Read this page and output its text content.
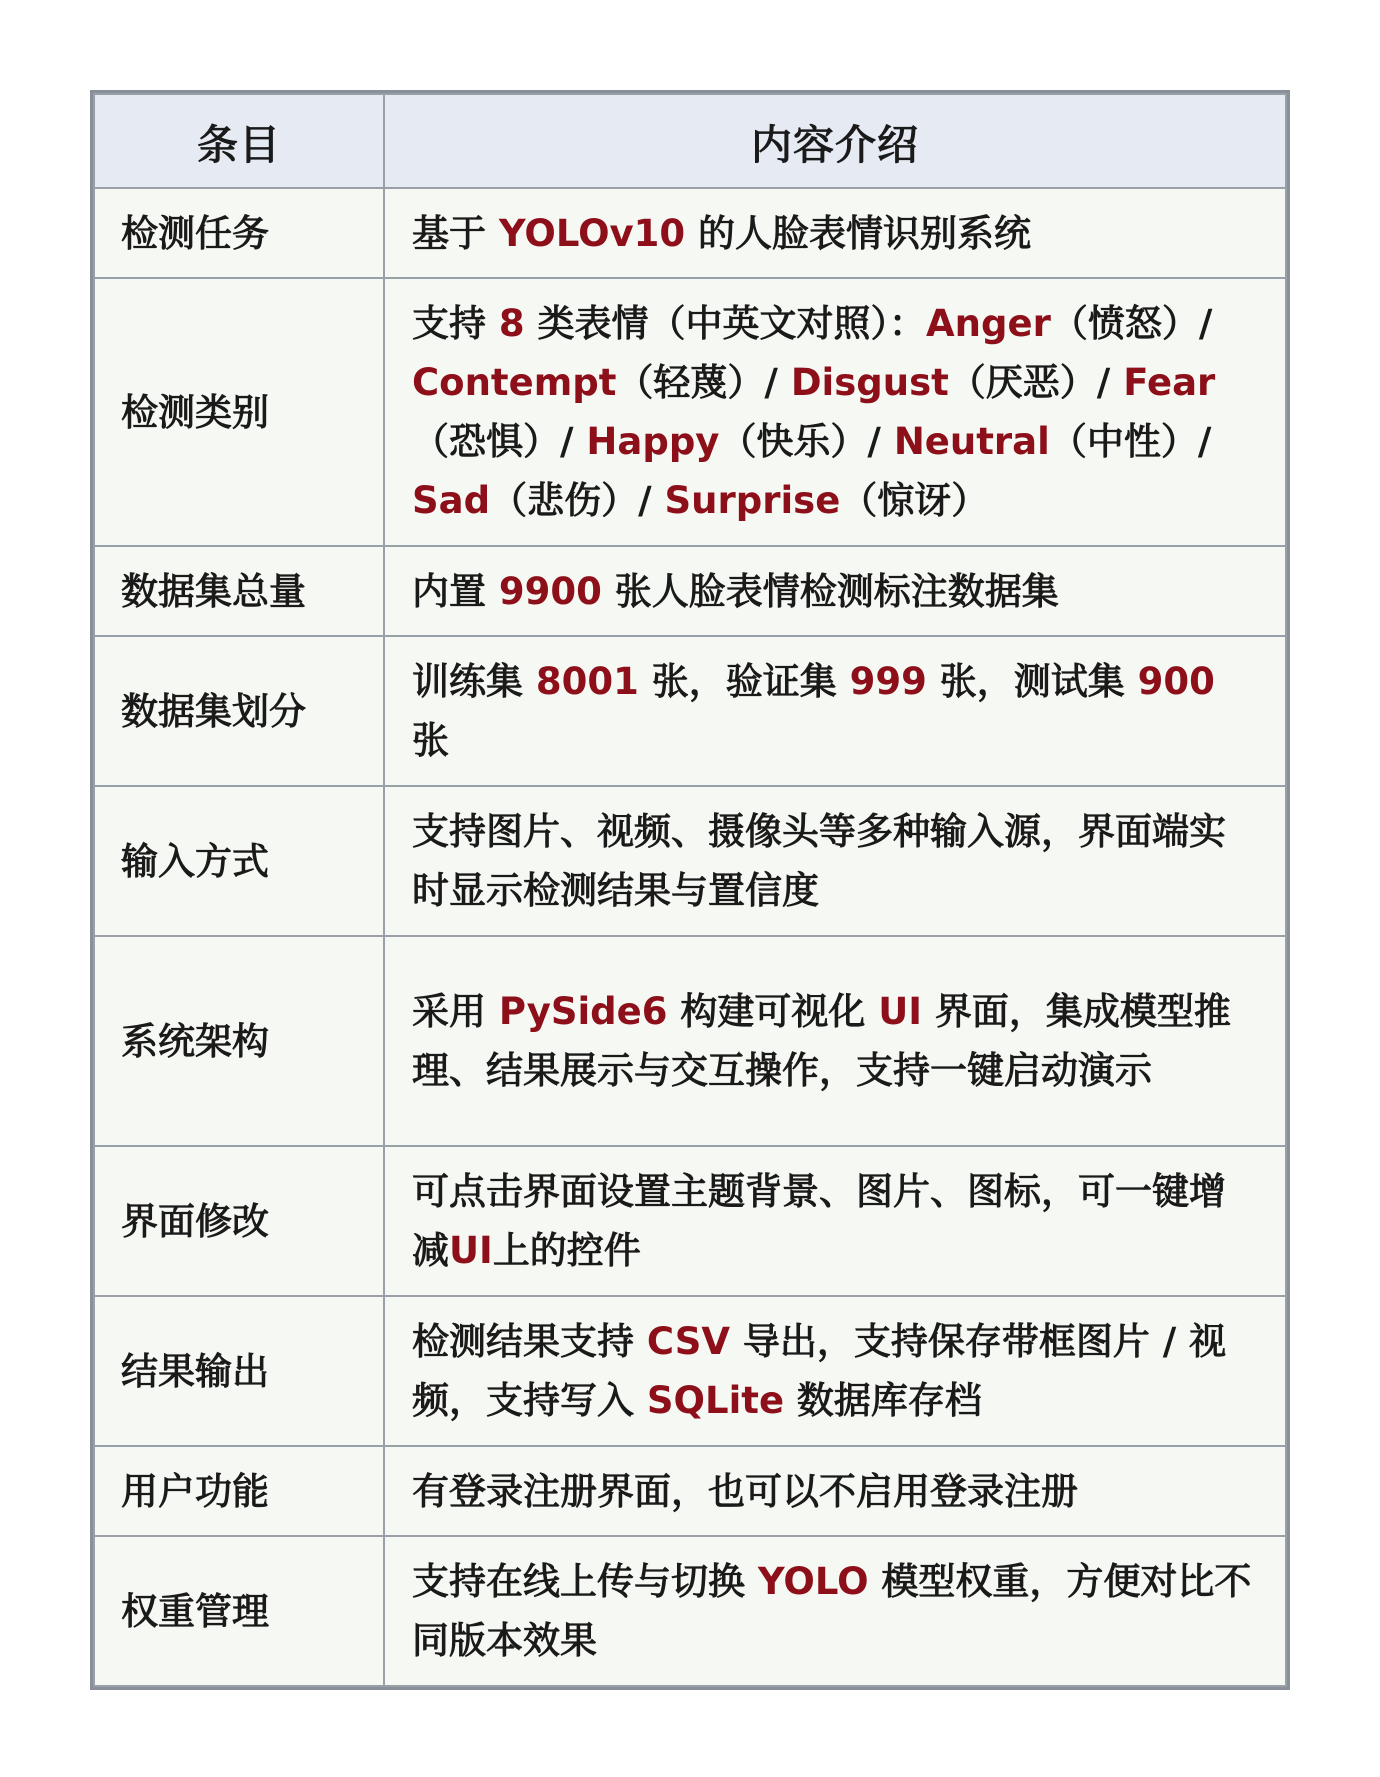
条目	内容介绍
检测任务	基于 YOLOv10 的人脸表情识别系统
检测类别	支持 8 类表情（中英文对照）：Anger（愤怒）/ Contempt（轻蔑）/ Disgust（厌恶）/ Fear（恐惧）/ Happy（快乐）/ Neutral（中性）/ Sad（悲伤）/ Surprise（惊讶）
数据集总量	内置 9900 张人脸表情检测标注数据集
数据集划分	训练集 8001 张，验证集 999 张，测试集 900 张
输入方式	支持图片、视频、摄像头等多种输入源，界面端实时显示检测结果与置信度
系统架构	采用 PySide6 构建可视化 UI 界面，集成模型推理、结果展示与交互操作，支持一键启动演示
界面修改	可点击界面设置主题背景、图片、图标，可一键增减UI上的控件
结果输出	检测结果支持 CSV 导出，支持保存带框图片 / 视频，支持写入 SQLite 数据库存档
用户功能	有登录注册界面，也可以不启用登录注册
权重管理	支持在线上传与切换 YOLO 模型权重，方便对比不同版本效果
